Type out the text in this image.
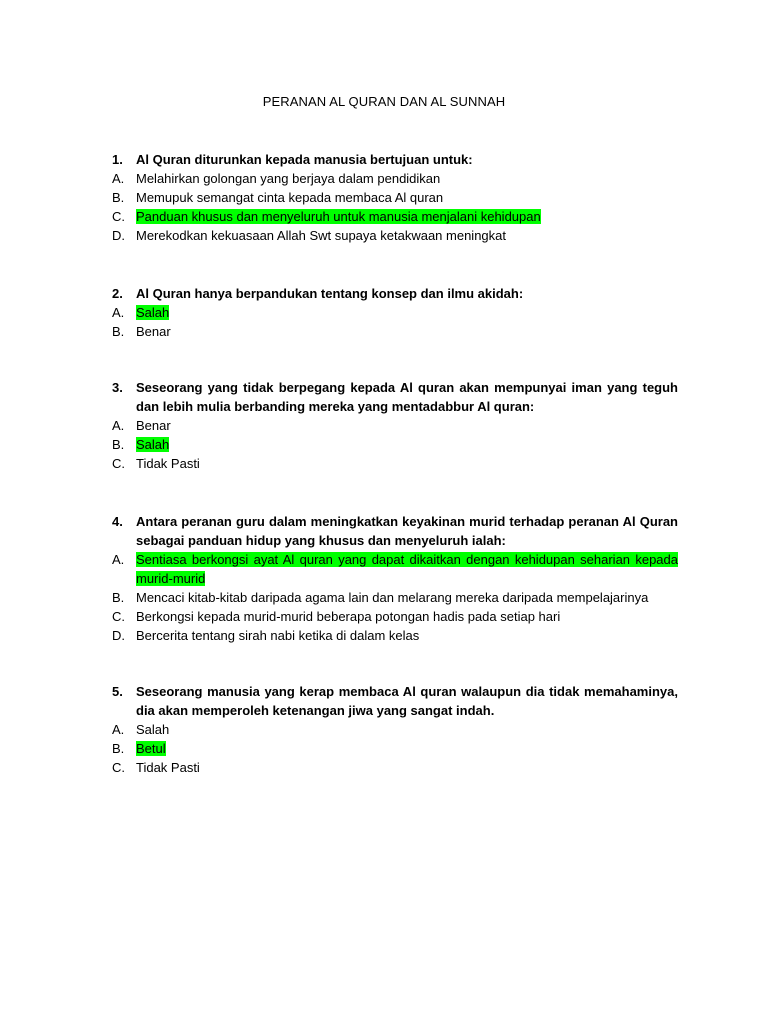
PERANAN AL QURAN DAN AL SUNNAH
1.	Al Quran diturunkan kepada manusia bertujuan untuk:
A. Melahirkan golongan yang berjaya dalam pendidikan
B. Memupuk semangat cinta kepada membaca Al quran
C. Panduan khusus dan menyeluruh untuk manusia menjalani kehidupan
D. Merekodkan kekuasaan Allah Swt supaya ketakwaan meningkat
2.	Al Quran hanya berpandukan tentang konsep dan ilmu akidah:
A. Salah
B. Benar
3.	Seseorang yang tidak berpegang kepada Al quran akan mempunyai iman yang teguh dan lebih mulia berbanding mereka yang mentadabbur Al quran:
A. Benar
B. Salah
C. Tidak Pasti
4.	Antara peranan guru dalam meningkatkan keyakinan murid terhadap peranan Al Quran sebagai panduan hidup yang khusus dan menyeluruh ialah:
A. Sentiasa berkongsi ayat Al quran yang dapat dikaitkan dengan kehidupan seharian kepada murid-murid
B. Mencaci kitab-kitab daripada agama lain dan melarang mereka daripada mempelajarinya
C. Berkongsi kepada murid-murid beberapa potongan hadis pada setiap hari
D. Bercerita tentang sirah nabi ketika di dalam kelas
5.	Seseorang manusia yang kerap membaca Al quran walaupun dia tidak memahaminya, dia akan memperoleh ketenangan jiwa yang sangat indah.
A. Salah
B. Betul
C. Tidak Pasti
